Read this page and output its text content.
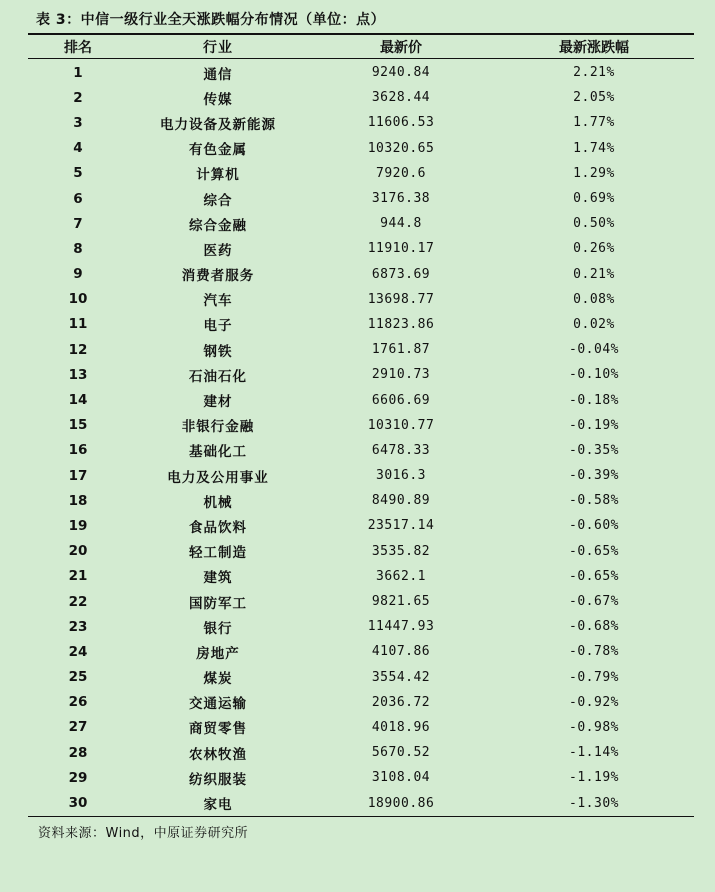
表 3：中信一级行业全天涨跌幅分布情况（单位：点）
排名	行业	最新价	最新涨跌幅
1	通信	9240.84	2.21%
2	传媒	3628.44	2.05%
3	电力设备及新能源	11606.53	1.77%
4	有色金属	10320.65	1.74%
5	计算机	7920.6	1.29%
6	综合	3176.38	0.69%
7	综合金融	944.8	0.50%
8	医药	11910.17	0.26%
9	消费者服务	6873.69	0.21%
10	汽车	13698.77	0.08%
11	电子	11823.86	0.02%
12	钢铁	1761.87	-0.04%
13	石油石化	2910.73	-0.10%
14	建材	6606.69	-0.18%
15	非银行金融	10310.77	-0.19%
16	基础化工	6478.33	-0.35%
17	电力及公用事业	3016.3	-0.39%
18	机械	8490.89	-0.58%
19	食品饮料	23517.14	-0.60%
20	轻工制造	3535.82	-0.65%
21	建筑	3662.1	-0.65%
22	国防军工	9821.65	-0.67%
23	银行	11447.93	-0.68%
24	房地产	4107.86	-0.78%
25	煤炭	3554.42	-0.79%
26	交通运输	2036.72	-0.92%
27	商贸零售	4018.96	-0.98%
28	农林牧渔	5670.52	-1.14%
29	纺织服装	3108.04	-1.19%
30	家电	18900.86	-1.30%
资料来源：Wind，中原证券研究所
